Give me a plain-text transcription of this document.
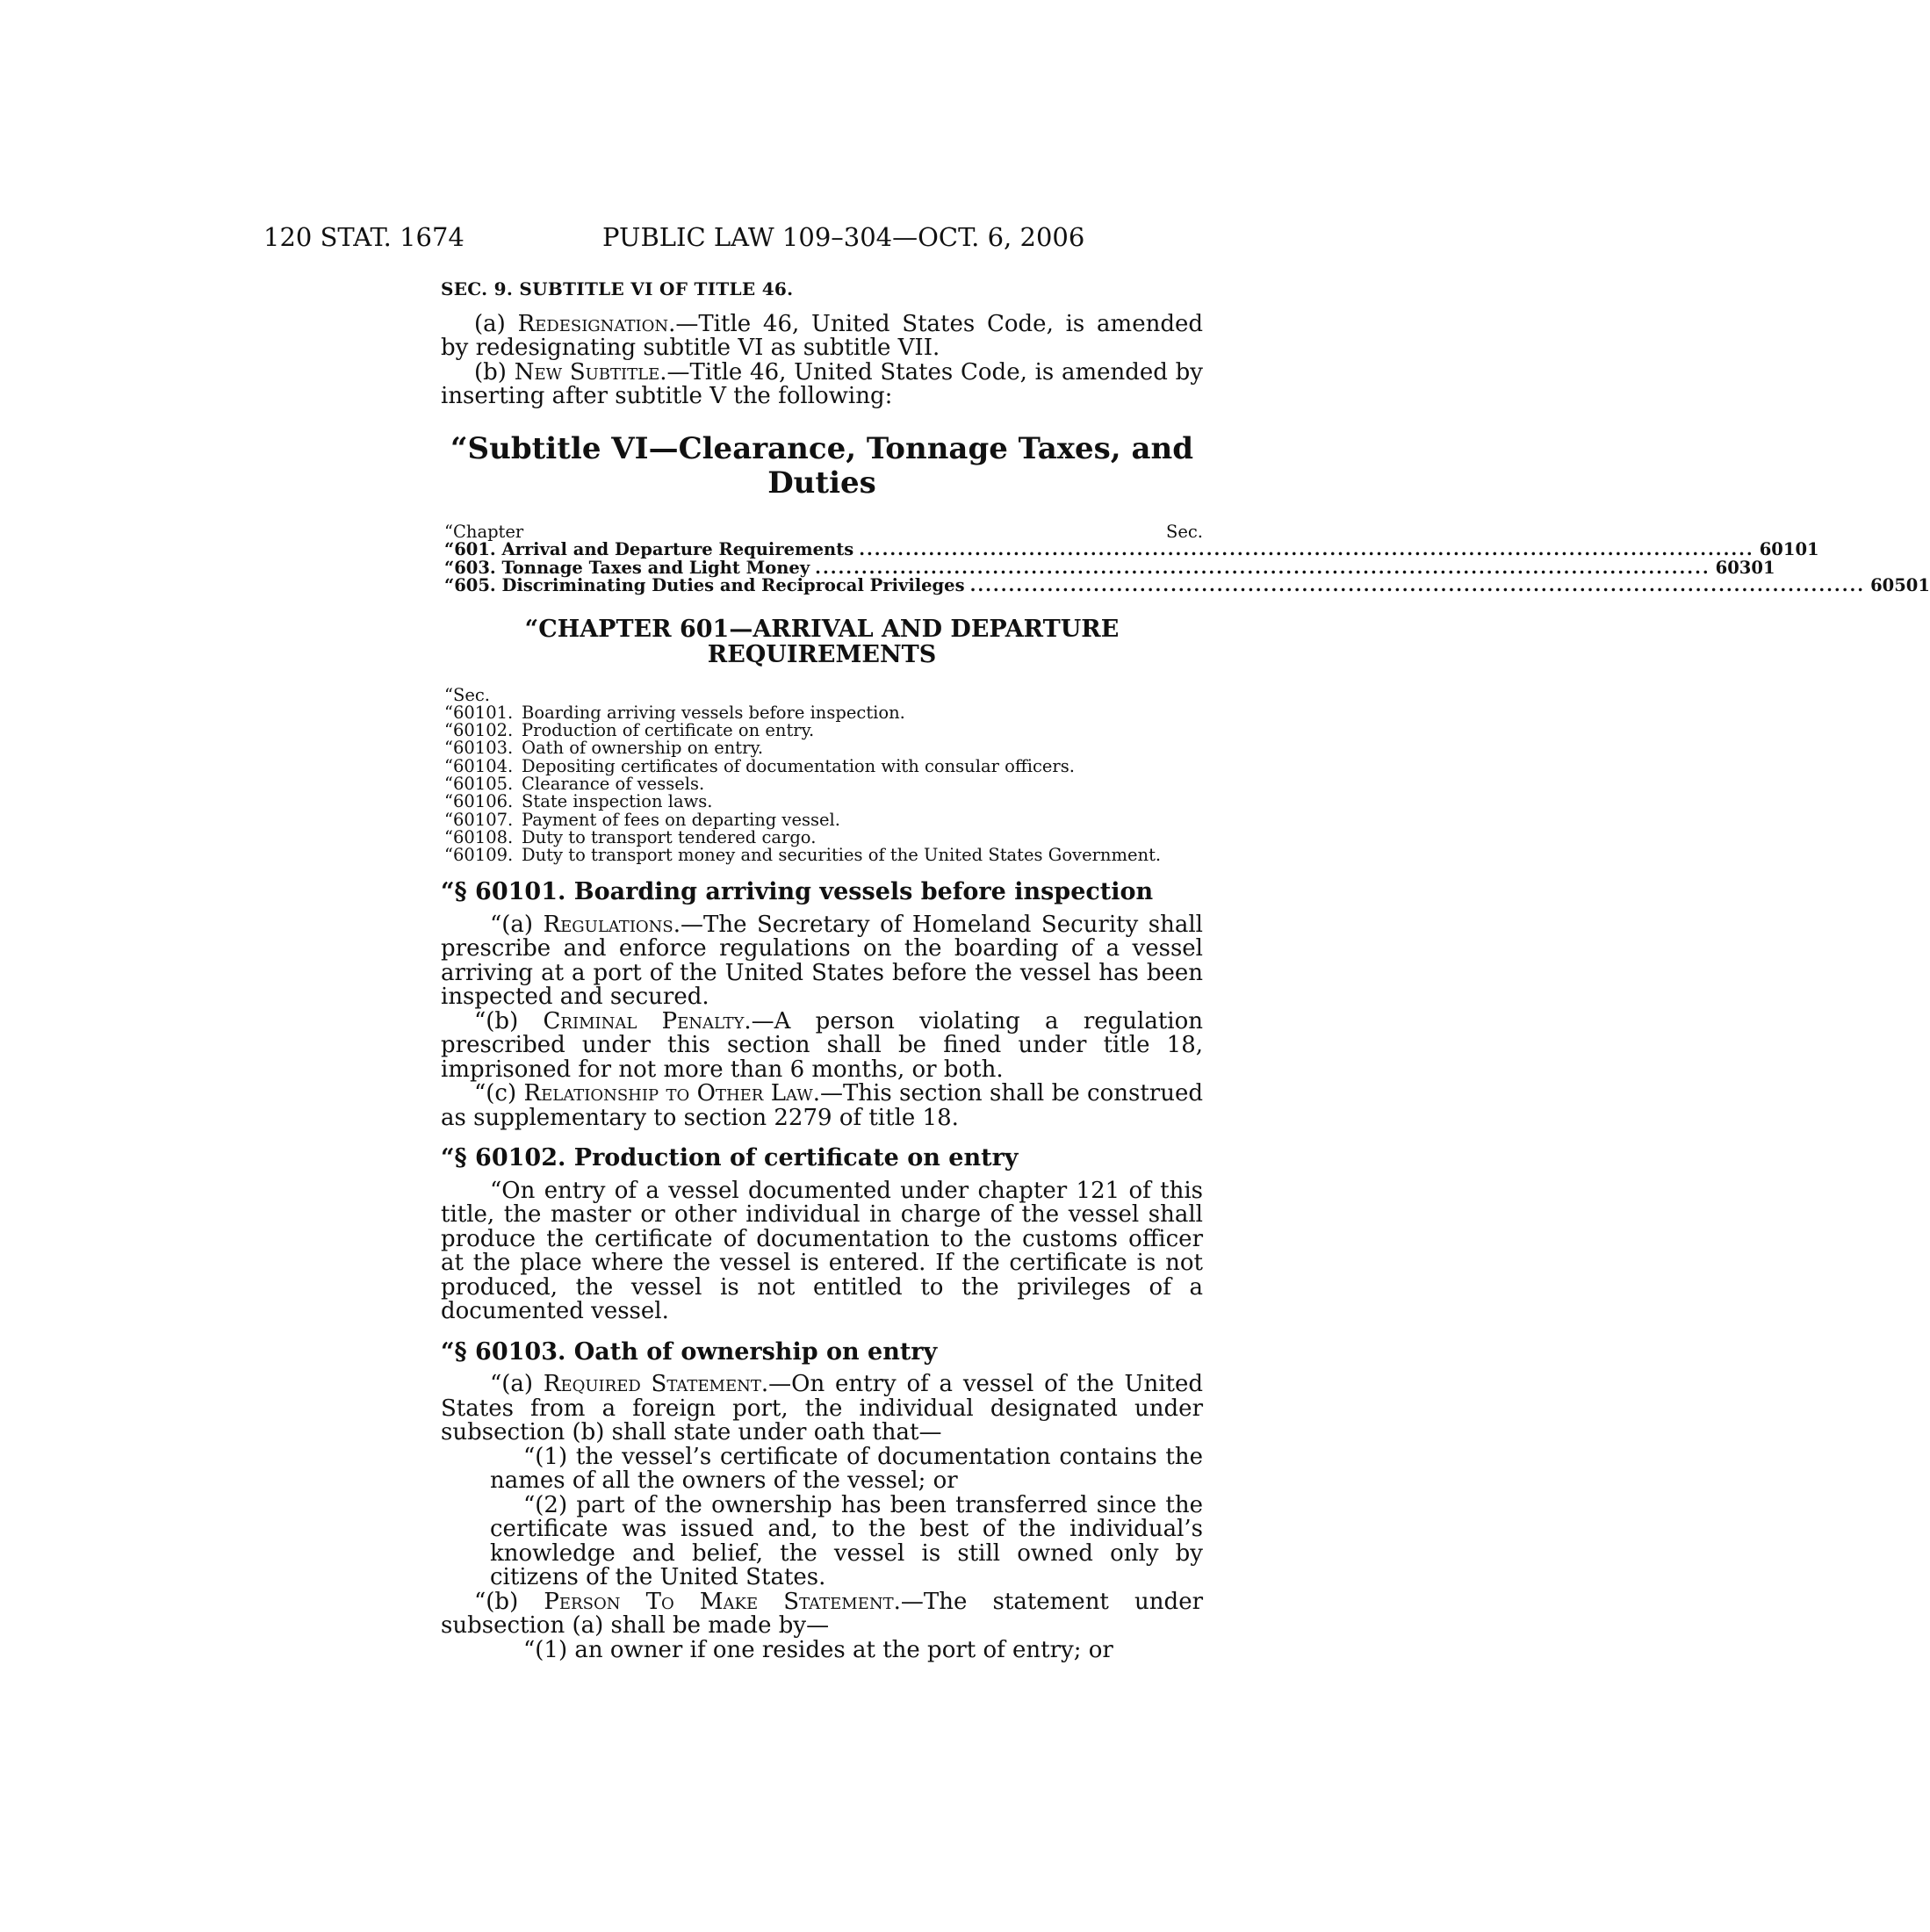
120 STAT. 1674	PUBLIC LAW 109–304—OCT. 6, 2006
SEC. 9. SUBTITLE VI OF TITLE 46.

(a) Redesignation.—Title 46, United States Code, is amended by redesignating subtitle VI as subtitle VII.

(b) New Subtitle.—Title 46, United States Code, is amended by inserting after subtitle V the following:

“Subtitle VI—Clearance, Tonnage Taxes, and Duties
“Chapter	Sec.
“601. Arrival and Departure Requirements .................................................................................................................... 60101
“603. Tonnage Taxes and Light Money .................................................................................................................... 60301
“605. Discriminating Duties and Reciprocal Privileges .................................................................................................................... 60501
“CHAPTER 601—ARRIVAL AND DEPARTURE REQUIREMENTS
“Sec.
“60101. Boarding arriving vessels before inspection.
“60102. Production of certificate on entry.
“60103. Oath of ownership on entry.
“60104. Depositing certificates of documentation with consular officers.
“60105. Clearance of vessels.
“60106. State inspection laws.
“60107. Payment of fees on departing vessel.
“60108. Duty to transport tendered cargo.
“60109. Duty to transport money and securities of the United States Government.
“§ 60101. Boarding arriving vessels before inspection

“(a) Regulations.—The Secretary of Homeland Security shall prescribe and enforce regulations on the boarding of a vessel arriving at a port of the United States before the vessel has been inspected and secured.

“(b) Criminal Penalty.—A person violating a regulation prescribed under this section shall be fined under title 18, imprisoned for not more than 6 months, or both.

“(c) Relationship to Other Law.—This section shall be construed as supplementary to section 2279 of title 18.

“§ 60102. Production of certificate on entry

“On entry of a vessel documented under chapter 121 of this title, the master or other individual in charge of the vessel shall produce the certificate of documentation to the customs officer at the place where the vessel is entered. If the certificate is not produced, the vessel is not entitled to the privileges of a documented vessel.

“§ 60103. Oath of ownership on entry

“(a) Required Statement.—On entry of a vessel of the United States from a foreign port, the individual designated under subsection (b) shall state under oath that—

“(1) the vessel’s certificate of documentation contains the names of all the owners of the vessel; or

“(2) part of the ownership has been transferred since the certificate was issued and, to the best of the individual’s knowledge and belief, the vessel is still owned only by citizens of the United States.

“(b) Person To Make Statement.—The statement under subsection (a) shall be made by—

“(1) an owner if one resides at the port of entry; or
